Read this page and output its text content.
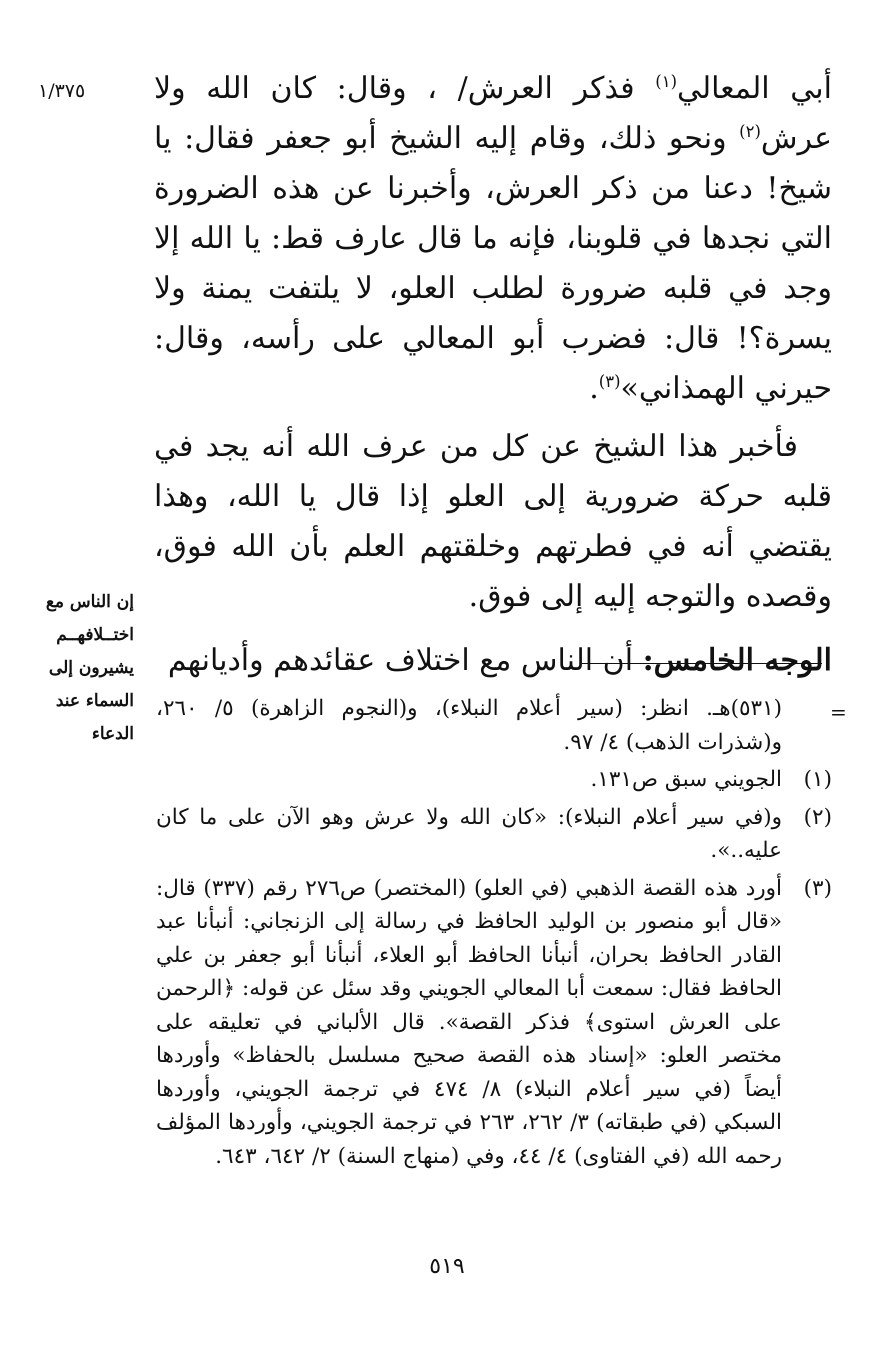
١/٣٧٥	أبي المعالي$^{(١)}$ فذكر العرش/ ، وقال: كان الله ولا عرش$^{(٢)}$ ونحو ذلك، وقام إليه الشيخ أبو جعفر فقال: يا شيخ! دعنا من ذكر العرش، وأخبرنا عن هذه الضرورة التي نجدها في قلوبنا، فإنه ما قال عارف قط: يا الله إلا وجد في قلبه ضرورة لطلب العلو، لا يلتفت يمنة ولا يسرة؟! قال: فضرب أبو المعالي على رأسه، وقال: حيرني الهمذاني»$^{(٣)}$.

فأخبر هذا الشيخ عن كل من عرف الله أنه يجد في قلبه حركة ضرورية إلى العلو إذا قال يا الله، وهذا يقتضي أنه في فطرتهم وخلقتهم العلم بأن الله فوق، وقصده والتوجه إليه إلى فوق.

الوجه الخامس: أن الناس مع اختلاف عقائدهم وأديانهم

إن الناس مع
اختــلافهــم
يشيرون إلى
السماء عند
الدعاء
=
(٥٣١)هـ. انظر: (سير أعلام النبلاء)، و(النجوم الزاهرة) ٥/ ٢٦٠، و(شذرات الذهب) ٤/ ٩٧.
(١)
الجويني سبق ص١٣١.
(٢)
و(في سير أعلام النبلاء): «كان الله ولا عرش وهو الآن على ما كان عليه..».
(٣)
أورد هذه القصة الذهبي (في العلو) (المختصر) ص٢٧٦ رقم (٣٣٧) قال: «قال أبو منصور بن الوليد الحافظ في رسالة إلى الزنجاني: أنبأنا عبد القادر الحافظ بحران، أنبأنا الحافظ أبو العلاء، أنبأنا أبو جعفر بن علي الحافظ فقال: سمعت أبا المعالي الجويني وقد سئل عن قوله: ﴿الرحمن على العرش استوى﴾ فذكر القصة». قال الألباني في تعليقه على مختصر العلو: «إسناد هذه القصة صحيح مسلسل بالحفاظ» وأوردها أيضاً (في سير أعلام النبلاء) ٨/ ٤٧٤ في ترجمة الجويني، وأوردها السبكي (في طبقاته) ٣/ ٢٦٢، ٢٦٣ في ترجمة الجويني، وأوردها المؤلف رحمه الله (في الفتاوى) ٤/ ٤٤، وفي (منهاج السنة) ٢/ ٦٤٢، ٦٤٣.
٥١٩
